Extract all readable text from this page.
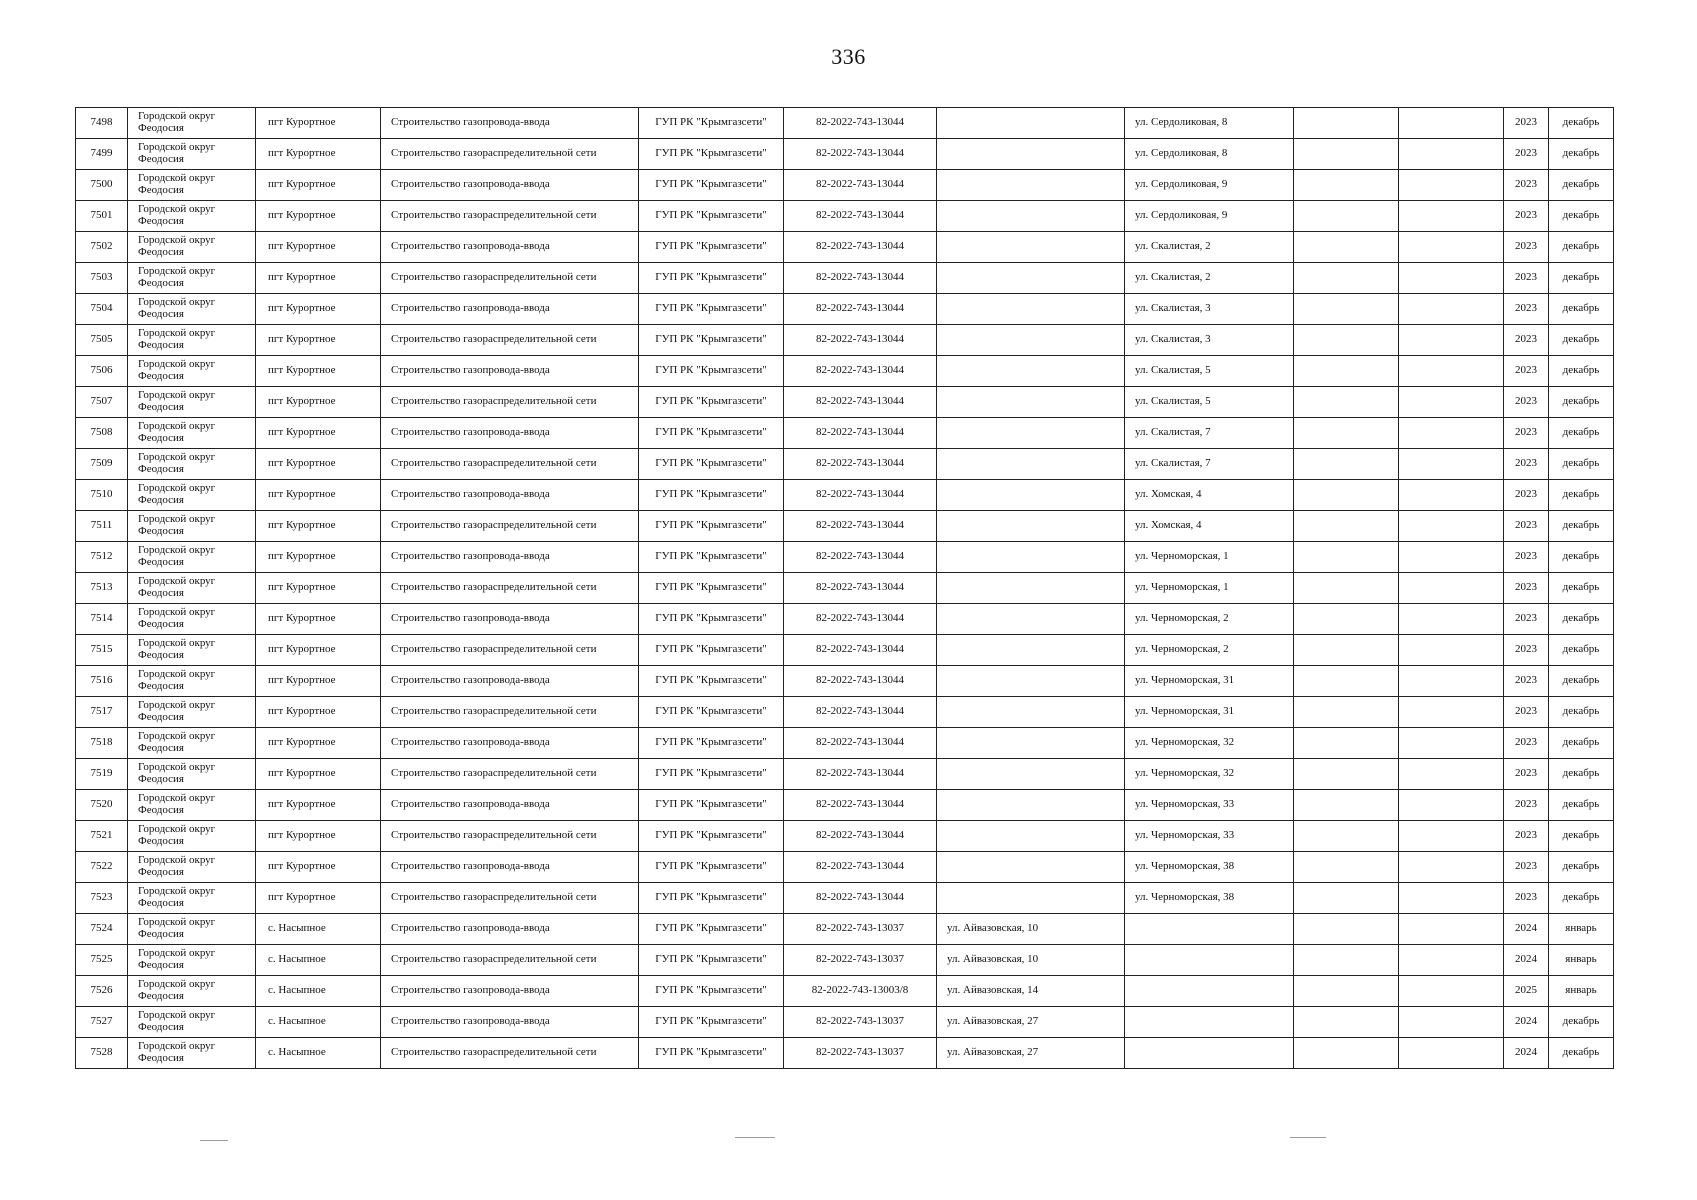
336
7498	Городской округ Феодосия	пгт Курортное	Строительство газопровода-ввода	ГУП РК "Крымгазсети"	82-2022-743-13044		ул. Сердоликовая, 8			2023	декабрь
7499	Городской округ Феодосия	пгт Курортное	Строительство газораспределительной сети	ГУП РК "Крымгазсети"	82-2022-743-13044		ул. Сердоликовая, 8			2023	декабрь
7500	Городской округ Феодосия	пгт Курортное	Строительство газопровода-ввода	ГУП РК "Крымгазсети"	82-2022-743-13044		ул. Сердоликовая, 9			2023	декабрь
7501	Городской округ Феодосия	пгт Курортное	Строительство газораспределительной сети	ГУП РК "Крымгазсети"	82-2022-743-13044		ул. Сердоликовая, 9			2023	декабрь
7502	Городской округ Феодосия	пгт Курортное	Строительство газопровода-ввода	ГУП РК "Крымгазсети"	82-2022-743-13044		ул. Скалистая, 2			2023	декабрь
7503	Городской округ Феодосия	пгт Курортное	Строительство газораспределительной сети	ГУП РК "Крымгазсети"	82-2022-743-13044		ул. Скалистая, 2			2023	декабрь
7504	Городской округ Феодосия	пгт Курортное	Строительство газопровода-ввода	ГУП РК "Крымгазсети"	82-2022-743-13044		ул. Скалистая, 3			2023	декабрь
7505	Городской округ Феодосия	пгт Курортное	Строительство газораспределительной сети	ГУП РК "Крымгазсети"	82-2022-743-13044		ул. Скалистая, 3			2023	декабрь
7506	Городской округ Феодосия	пгт Курортное	Строительство газопровода-ввода	ГУП РК "Крымгазсети"	82-2022-743-13044		ул. Скалистая, 5			2023	декабрь
7507	Городской округ Феодосия	пгт Курортное	Строительство газораспределительной сети	ГУП РК "Крымгазсети"	82-2022-743-13044		ул. Скалистая, 5			2023	декабрь
7508	Городской округ Феодосия	пгт Курортное	Строительство газопровода-ввода	ГУП РК "Крымгазсети"	82-2022-743-13044		ул. Скалистая, 7			2023	декабрь
7509	Городской округ Феодосия	пгт Курортное	Строительство газораспределительной сети	ГУП РК "Крымгазсети"	82-2022-743-13044		ул. Скалистая, 7			2023	декабрь
7510	Городской округ Феодосия	пгт Курортное	Строительство газопровода-ввода	ГУП РК "Крымгазсети"	82-2022-743-13044		ул. Хомская, 4			2023	декабрь
7511	Городской округ Феодосия	пгт Курортное	Строительство газораспределительной сети	ГУП РК "Крымгазсети"	82-2022-743-13044		ул. Хомская, 4			2023	декабрь
7512	Городской округ Феодосия	пгт Курортное	Строительство газопровода-ввода	ГУП РК "Крымгазсети"	82-2022-743-13044		ул. Черноморская, 1			2023	декабрь
7513	Городской округ Феодосия	пгт Курортное	Строительство газораспределительной сети	ГУП РК "Крымгазсети"	82-2022-743-13044		ул. Черноморская, 1			2023	декабрь
7514	Городской округ Феодосия	пгт Курортное	Строительство газопровода-ввода	ГУП РК "Крымгазсети"	82-2022-743-13044		ул. Черноморская, 2			2023	декабрь
7515	Городской округ Феодосия	пгт Курортное	Строительство газораспределительной сети	ГУП РК "Крымгазсети"	82-2022-743-13044		ул. Черноморская, 2			2023	декабрь
7516	Городской округ Феодосия	пгт Курортное	Строительство газопровода-ввода	ГУП РК "Крымгазсети"	82-2022-743-13044		ул. Черноморская, 31			2023	декабрь
7517	Городской округ Феодосия	пгт Курортное	Строительство газораспределительной сети	ГУП РК "Крымгазсети"	82-2022-743-13044		ул. Черноморская, 31			2023	декабрь
7518	Городской округ Феодосия	пгт Курортное	Строительство газопровода-ввода	ГУП РК "Крымгазсети"	82-2022-743-13044		ул. Черноморская, 32			2023	декабрь
7519	Городской округ Феодосия	пгт Курортное	Строительство газораспределительной сети	ГУП РК "Крымгазсети"	82-2022-743-13044		ул. Черноморская, 32			2023	декабрь
7520	Городской округ Феодосия	пгт Курортное	Строительство газопровода-ввода	ГУП РК "Крымгазсети"	82-2022-743-13044		ул. Черноморская, 33			2023	декабрь
7521	Городской округ Феодосия	пгт Курортное	Строительство газораспределительной сети	ГУП РК "Крымгазсети"	82-2022-743-13044		ул. Черноморская, 33			2023	декабрь
7522	Городской округ Феодосия	пгт Курортное	Строительство газопровода-ввода	ГУП РК "Крымгазсети"	82-2022-743-13044		ул. Черноморская, 38			2023	декабрь
7523	Городской округ Феодосия	пгт Курортное	Строительство газораспределительной сети	ГУП РК "Крымгазсети"	82-2022-743-13044		ул. Черноморская, 38			2023	декабрь
7524	Городской округ Феодосия	с. Насыпное	Строительство газопровода-ввода	ГУП РК "Крымгазсети"	82-2022-743-13037	ул. Айвазовская, 10				2024	январь
7525	Городской округ Феодосия	с. Насыпное	Строительство газораспределительной сети	ГУП РК "Крымгазсети"	82-2022-743-13037	ул. Айвазовская, 10				2024	январь
7526	Городской округ Феодосия	с. Насыпное	Строительство газопровода-ввода	ГУП РК "Крымгазсети"	82-2022-743-13003/8	ул. Айвазовская, 14				2025	январь
7527	Городской округ Феодосия	с. Насыпное	Строительство газопровода-ввода	ГУП РК "Крымгазсети"	82-2022-743-13037	ул. Айвазовская, 27				2024	декабрь
7528	Городской округ Феодосия	с. Насыпное	Строительство газораспределительной сети	ГУП РК "Крымгазсети"	82-2022-743-13037	ул. Айвазовская, 27				2024	декабрь
